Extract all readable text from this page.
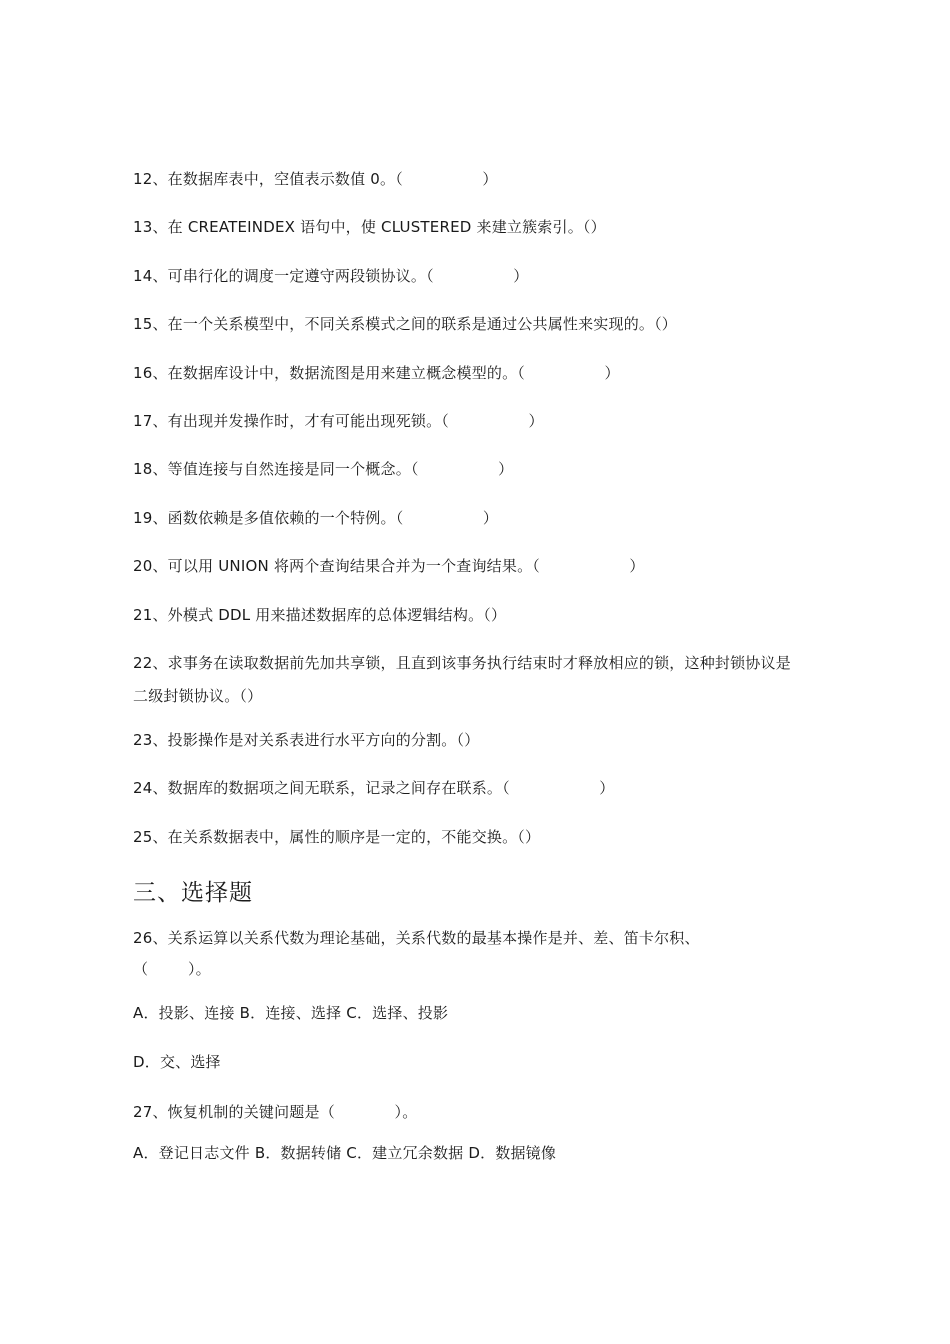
12、在数据库表中，空值表示数值 0。（                ）
13、在 CREATEINDEX 语句中，使 CLUSTERED 来建立簇索引。（）
14、可串行化的调度一定遵守两段锁协议。（                ）
15、在一个关系模型中，不同关系模式之间的联系是通过公共属性来实现的。（）
16、在数据库设计中，数据流图是用来建立概念模型的。（                ）
17、有出现并发操作时，才有可能出现死锁。（                ）
18、等值连接与自然连接是同一个概念。（                ）
19、函数依赖是多值依赖的一个特例。（                ）
20、可以用 UNION 将两个查询结果合并为一个查询结果。（                  ）
21、外模式 DDL 用来描述数据库的总体逻辑结构。（）
22、求事务在读取数据前先加共享锁，且直到该事务执行结束时才释放相应的锁，这种封锁协议是
二级封锁协议。（）
23、投影操作是对关系表进行水平方向的分割。（）
24、数据库的数据项之间无联系，记录之间存在联系。（                  ）
25、在关系数据表中，属性的顺序是一定的，不能交换。（）
三、选择题
26、关系运算以关系代数为理论基础，关系代数的最基本操作是并、差、笛卡尔积、
（        ）。
A．投影、连接 B．连接、选择 C．选择、投影
D．交、选择
27、恢复机制的关键问题是（            ）。
A．登记日志文件 B．数据转储 C．建立冗余数据 D．数据镜像
